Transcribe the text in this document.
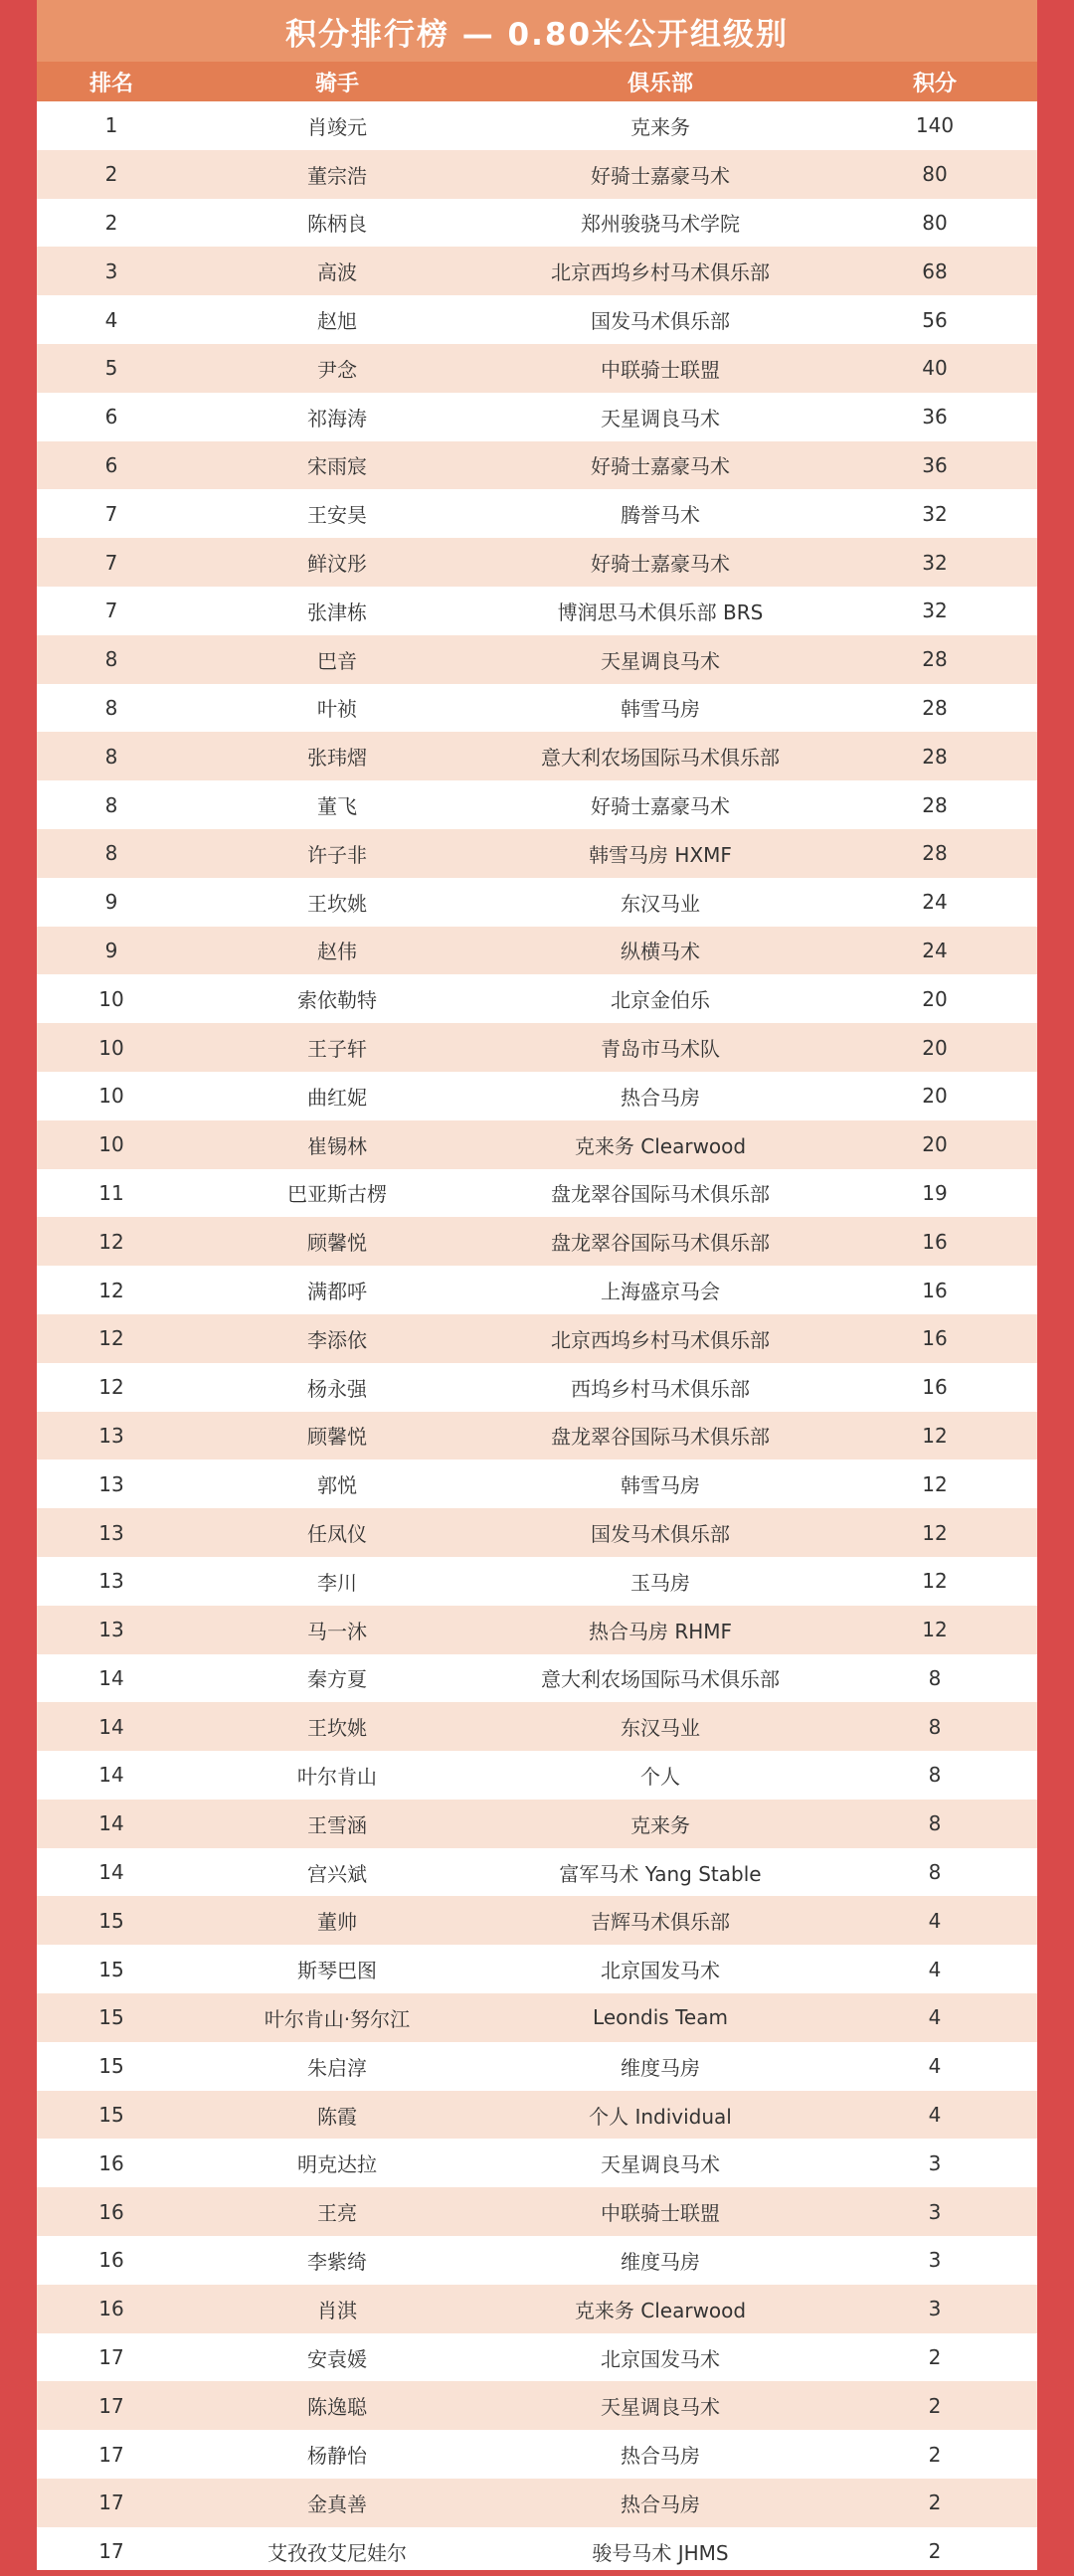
积分排行榜 — 0.80米公开组级别
排名	骑手	俱乐部	积分
1	肖竣元	克来务	140
2	董宗浩	好骑士嘉豪马术	80
2	陈柄良	郑州骏骁马术学院	80
3	高波	北京西坞乡村马术俱乐部	68
4	赵旭	国发马术俱乐部	56
5	尹念	中联骑士联盟	40
6	祁海涛	天星调良马术	36
6	宋雨宸	好骑士嘉豪马术	36
7	王安昊	腾誉马术	32
7	鲜汶彤	好骑士嘉豪马术	32
7	张津栋	博润思马术俱乐部 BRS	32
8	巴音	天星调良马术	28
8	叶祯	韩雪马房	28
8	张玮熠	意大利农场国际马术俱乐部	28
8	董飞	好骑士嘉豪马术	28
8	许子非	韩雪马房 HXMF	28
9	王坎姚	东汉马业	24
9	赵伟	纵横马术	24
10	索依勒特	北京金伯乐	20
10	王子轩	青岛市马术队	20
10	曲红妮	热合马房	20
10	崔锡林	克来务 Clearwood	20
11	巴亚斯古楞	盘龙翠谷国际马术俱乐部	19
12	顾馨悦	盘龙翠谷国际马术俱乐部	16
12	满都呼	上海盛京马会	16
12	李添依	北京西坞乡村马术俱乐部	16
12	杨永强	西坞乡村马术俱乐部	16
13	顾馨悦	盘龙翠谷国际马术俱乐部	12
13	郭悦	韩雪马房	12
13	任凤仪	国发马术俱乐部	12
13	李川	玉马房	12
13	马一沐	热合马房 RHMF	12
14	秦方夏	意大利农场国际马术俱乐部	8
14	王坎姚	东汉马业	8
14	叶尔肯山	个人	8
14	王雪涵	克来务	8
14	宫兴斌	富军马术 Yang Stable	8
15	董帅	吉辉马术俱乐部	4
15	斯琴巴图	北京国发马术	4
15	叶尔肯山·努尔江	Leondis Team	4
15	朱启淳	维度马房	4
15	陈霞	个人 Individual	4
16	明克达拉	天星调良马术	3
16	王亮	中联骑士联盟	3
16	李紫绮	维度马房	3
16	肖淇	克来务 Clearwood	3
17	安袁媛	北京国发马术	2
17	陈逸聪	天星调良马术	2
17	杨静怡	热合马房	2
17	金真善	热合马房	2
17	艾孜孜艾尼娃尔	骏号马术 JHMS	2
